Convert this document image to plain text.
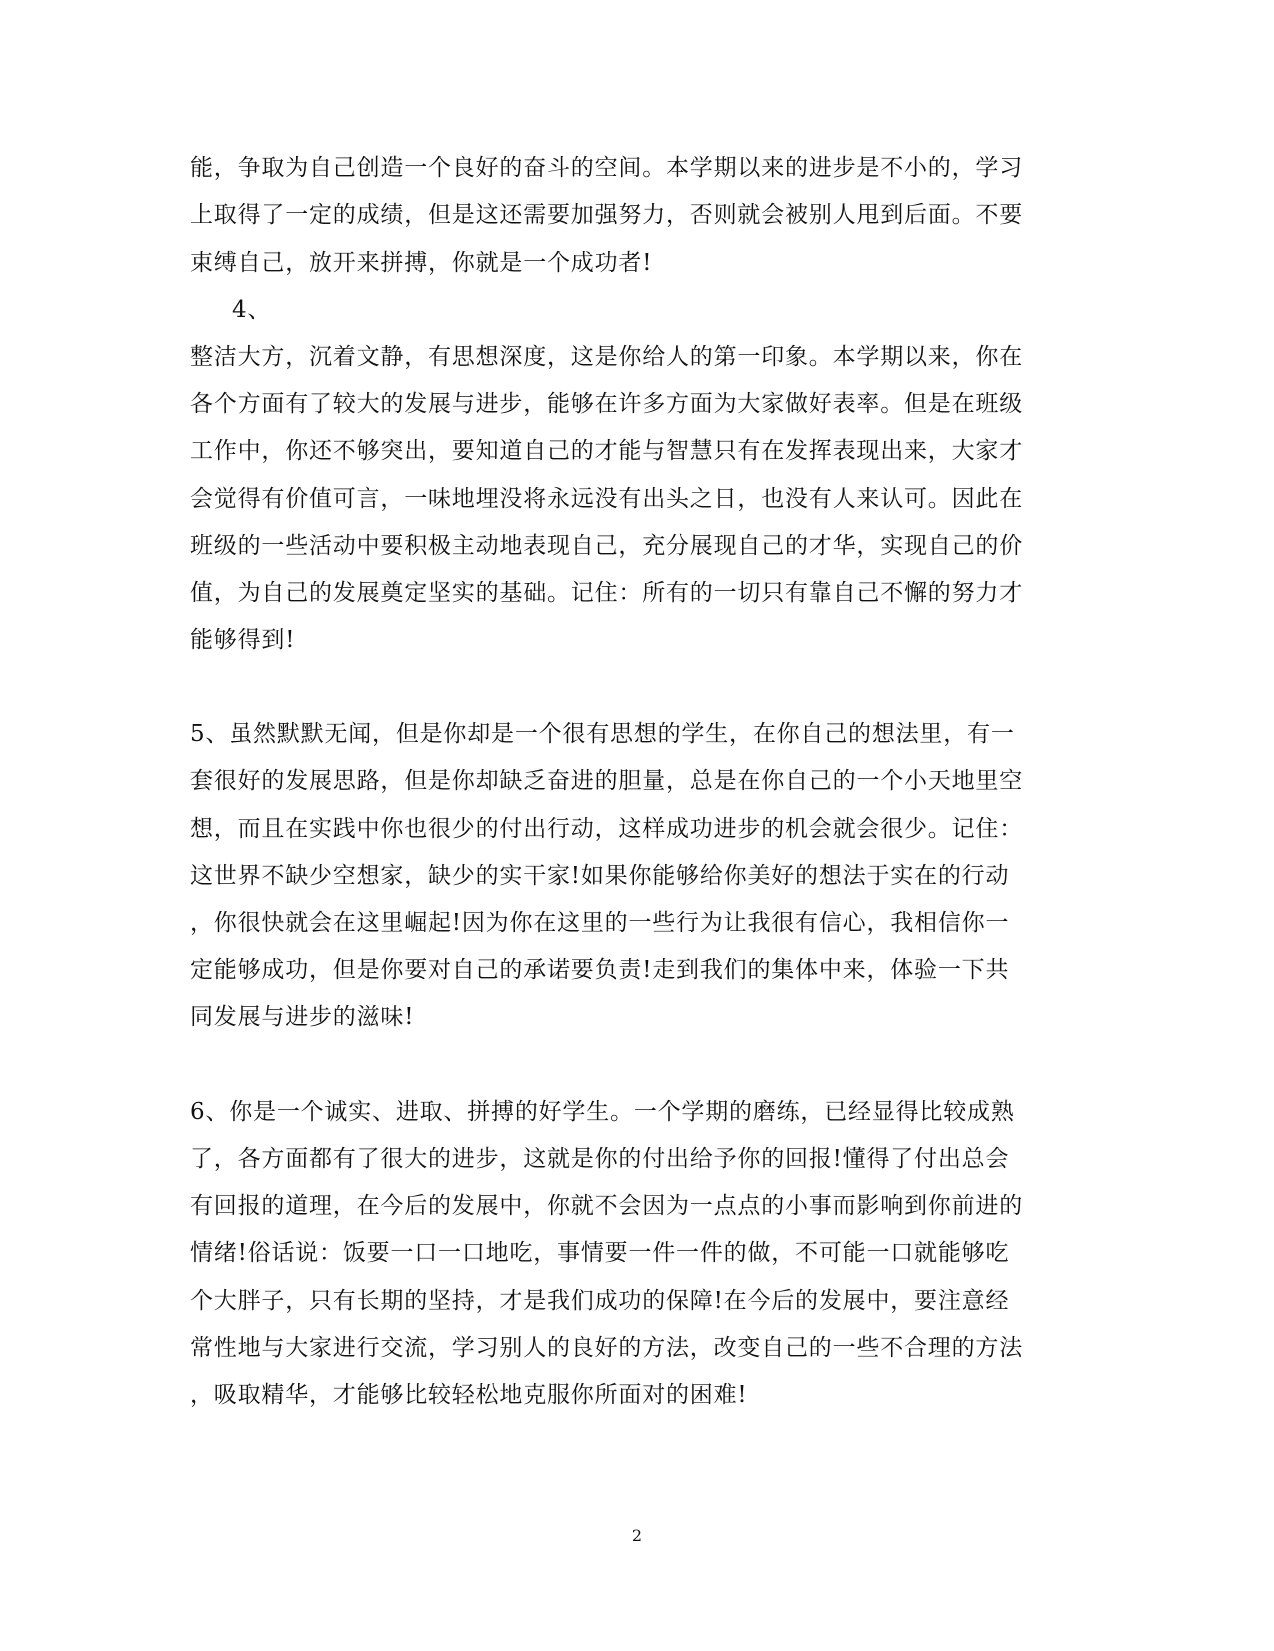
能，争取为自己创造一个良好的奋斗的空间。本学期以来的进步是不小的，学习
上取得了一定的成绩，但是这还需要加强努力，否则就会被别人甩到后面。不要
束缚自己，放开来拼搏，你就是一个成功者!
4、
整洁大方，沉着文静，有思想深度，这是你给人的第一印象。本学期以来，你在
各个方面有了较大的发展与进步，能够在许多方面为大家做好表率。但是在班级
工作中，你还不够突出，要知道自己的才能与智慧只有在发挥表现出来，大家才
会觉得有价值可言，一味地埋没将永远没有出头之日，也没有人来认可。因此在
班级的一些活动中要积极主动地表现自己，充分展现自己的才华，实现自己的价
值，为自己的发展奠定坚实的基础。记住：所有的一切只有靠自己不懈的努力才
能够得到!
5、虽然默默无闻，但是你却是一个很有思想的学生，在你自己的想法里，有一
套很好的发展思路，但是你却缺乏奋进的胆量，总是在你自己的一个小天地里空
想，而且在实践中你也很少的付出行动，这样成功进步的机会就会很少。记住：
这世界不缺少空想家，缺少的实干家!如果你能够给你美好的想法于实在的行动
，你很快就会在这里崛起!因为你在这里的一些行为让我很有信心，我相信你一
定能够成功，但是你要对自己的承诺要负责!走到我们的集体中来，体验一下共
同发展与进步的滋味!
6、你是一个诚实、进取、拼搏的好学生。一个学期的磨练，已经显得比较成熟
了，各方面都有了很大的进步，这就是你的付出给予你的回报!懂得了付出总会
有回报的道理，在今后的发展中，你就不会因为一点点的小事而影响到你前进的
情绪!俗话说：饭要一口一口地吃，事情要一件一件的做，不可能一口就能够吃
个大胖子，只有长期的坚持，才是我们成功的保障!在今后的发展中，要注意经
常性地与大家进行交流，学习别人的良好的方法，改变自己的一些不合理的方法
，吸取精华，才能够比较轻松地克服你所面对的困难!
2
